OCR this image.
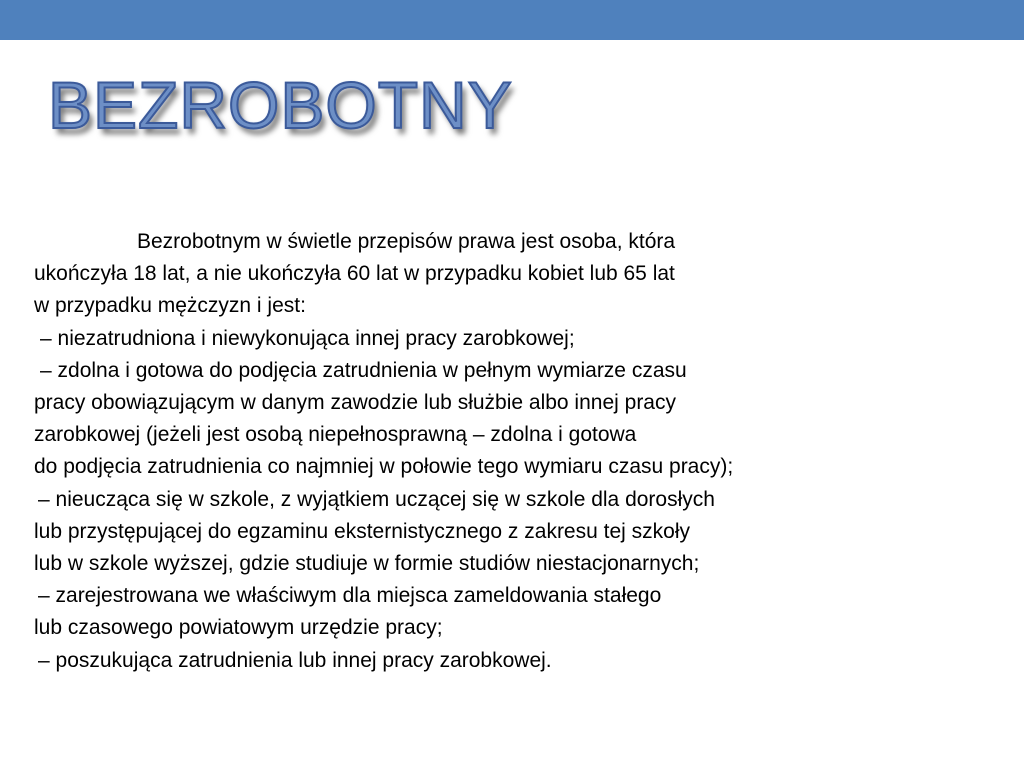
BEZROBOTNY
Bezrobotnym w świetle przepisów prawa jest osoba, która
ukończyła 18 lat, a nie ukończyła 60 lat w przypadku kobiet lub 65 lat
w przypadku mężczyzn i jest:
– niezatrudniona i niewykonująca innej pracy zarobkowej;
– zdolna i gotowa do podjęcia zatrudnienia w pełnym wymiarze czasu
pracy obowiązującym w danym zawodzie lub służbie albo innej pracy
zarobkowej (jeżeli jest osobą niepełnosprawną – zdolna i gotowa
do podjęcia zatrudnienia co najmniej w połowie tego wymiaru czasu pracy);
– nieucząca się w szkole, z wyjątkiem uczącej się w szkole dla dorosłych
lub przystępującej do egzaminu eksternistycznego z zakresu tej szkoły
lub w szkole wyższej, gdzie studiuje w formie studiów niestacjonarnych;
– zarejestrowana we właściwym dla miejsca zameldowania stałego
lub czasowego powiatowym urzędzie pracy;
– poszukująca zatrudnienia lub innej pracy zarobkowej.
